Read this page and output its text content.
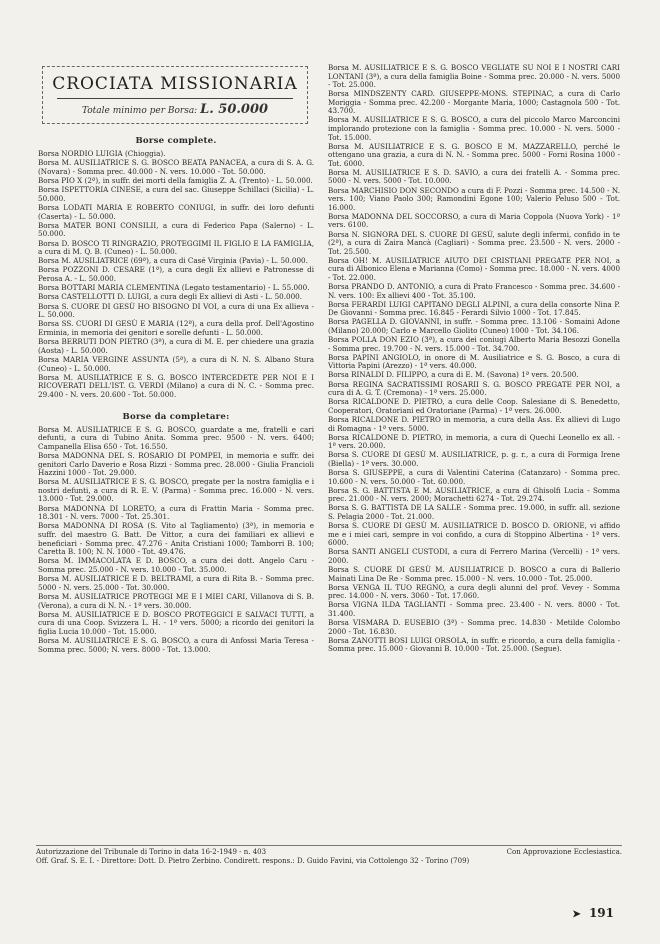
CROCIATA MISSIONARIA
Totale minimo per Borsa: L. 50.000
Borse complete.

Borsa NORDIO LUIGIA (Chioggia).

Borsa M. AUSILIATRICE S. G. BOSCO BEATA PANACEA, a cura di S. A. G. (Novara) - Somma prec. 40.000 - N. vers. 10.000 - Tot. 50.000.

Borsa PIO X (2ª), in suffr. dei morti della famiglia Z. A. (Trento) - L. 50.000.

Borsa ISPETTORIA CINESE, a cura del sac. Giuseppe Schillaci (Sicilia) - L. 50.000.

Borsa LODATI MARIA E ROBERTO CONIUGI, in suffr. dei loro defunti (Caserta) - L. 50.000.

Borsa MATER BONI CONSILII, a cura di Federico Papa (Salerno) - L. 50.000.

Borsa D. BOSCO TI RINGRAZIO, PROTEGGIMI IL FIGLIO E LA FAMIGLIA, a cura di M. Q. B. (Cuneo) - L. 50.000.

Borsa M. AUSILIATRICE (69ª), a cura di Casé Virginia (Pavia) - L. 50.000.

Borsa POZZONI D. CESARE (1ª), a cura degli Ex allievi e Patronesse di Perosa A. - L. 50.000.

Borsa BOTTARI MARIA CLEMENTINA (Legato testamentario) - L. 55.000.

Borsa CASTELLOTTI D. LUIGI, a cura degli Ex allievi di Asti - L. 50.000.

Borsa S. CUORE DI GESÙ HO BISOGNO DI VOI, a cura di una Ex allieva - L. 50.000.

Borsa SS. CUORI DI GESÙ E MARIA (12ª), a cura della prof. Dell'Agostino Erminia, in memoria dei genitori e sorelle defunti - L. 50.000.

Borsa BERRUTI DON PIETRO (3ª), a cura di M. E. per chiedere una grazia (Aosta) - L. 50.000.

Borsa MARIA VERGINE ASSUNTA (5ª), a cura di N. N. S. Albano Stura (Cuneo) - L. 50.000.

Borsa M. AUSILIATRICE E S. G. BOSCO INTERCEDETE PER NOI E I RICOVERATI DELL'IST. G. VERDI (Milano) a cura di N. C. - Somma prec. 29.400 - N. vers. 20.600 - Tot. 50.000.

Borse da completare:

Borsa M. AUSILIATRICE E S. G. BOSCO, guardate a me, fratelli e cari defunti, a cura di Tubino Anita. Somma prec. 9500 - N. vers. 6400; Campanella Elisa 650 - Tot. 16.550.

Borsa MADONNA DEL S. ROSARIO DI POMPEI, in memoria e suffr. dei genitori Carlo Daverio e Rosa Rizzi - Somma prec. 28.000 - Giulia Francioli Hazzini 1000 - Tot. 29.000.

Borsa M. AUSILIATRICE E S. G. BOSCO, pregate per la nostra famiglia e i nostri defunti, a cura di R. E. V. (Parma) - Somma prec. 16.000 - N. vers. 13.000 - Tot. 29.000.

Borsa MADONNA DI LORETO, a cura di Frattin Maria - Somma prec. 18.301 - N. vers. 7000 - Tot. 25.301.

Borsa MADONNA DI ROSA (S. Vito al Tagliamento) (3ª), in memoria e suffr. del maestro G. Batt. De Vittor, a cura dei familiari ex allievi e beneficiari - Somma prec. 47.276 - Anita Cristiani 1000; Tamborri B. 100; Caretta B. 100; N. N. 1000 - Tot. 49.476.

Borsa M. IMMACOLATA E D. BOSCO, a cura dei dott. Angelo Caru - Somma prec. 25.000 - N. vers. 10.000 - Tot. 35.000.

Borsa M. AUSILIATRICE E D. BELTRAMI, a cura di Rita B. - Somma prec. 5000 - N. vers. 25.000 - Tot. 30.000.

Borsa M. AUSILIATRICE PROTEGGI ME E I MIEI CARI, Villanova di S. B. (Verona), a cura di N. N. - 1ª vers. 30.000.

Borsa M. AUSILIATRICE E D. BOSCO PROTEGGICI E SALVACI TUTTI, a cura di una Coop. Svizzera L. H. - 1ª vers. 5000; a ricordo dei genitori la figlia Lucia 10.000 - Tot. 15.000.

Borsa M. AUSILIATRICE E S. G. BOSCO, a cura di Anfossi Maria Teresa - Somma prec. 5000; N. vers. 8000 - Tot. 13.000.

Borsa M. AUSILIATRICE E S. G. BOSCO VEGLIATE SU NOI E I NOSTRI CARI LONTANI (3ª), a cura della famiglia Boine - Somma prec. 20.000 - N. vers. 5000 - Tot. 25.000.

Borsa MINDSZENTY CARD. GIUSEPPE-MONS. STEPINAC, a cura di Carlo Moriggia - Somma prec. 42.200 - Morgante Maria, 1000; Castagnola 500 - Tot. 43.700.

Borsa M. AUSILIATRICE E S. G. BOSCO, a cura del piccolo Marco Marconcini implorando protezione con la famiglia - Somma prec. 10.000 - N. vers. 5000 - Tot. 15.000.

Borsa M. AUSILIATRICE E S. G. BOSCO E M. MAZZARELLO, perché le ottengano una grazia, a cura di N. N. - Somma prec. 5000 - Forni Rosina 1000 - Tot. 6000.

Borsa M. AUSILIATRICE E S. D. SAVIO, a cura dei fratelli A. - Somma prec. 5000 - N. vers. 5000 - Tot. 10.000.

Borsa MARCHISIO DON SECONDO a cura di F. Pozzi - Somma prec. 14.500 - N. vers. 100; Viano Paolo 300; Ramondini Egone 100; Valerio Peluso 500 - Tot. 16.000.

Borsa MADONNA DEL SOCCORSO, a cura di Maria Coppola (Nuova York) - 1ª vers. 6100.

Borsa N. SIGNORA DEL S. CUORE DI GESÙ, salute degli infermi, confido in te (2ª), a cura di Zaira Mancà (Cagliari) - Somma prec. 23.500 - N. vers. 2000 - Tot. 25.500.

Borsa OH! M. AUSILIATRICE AIUTO DEI CRISTIANI PREGATE PER NOI, a cura di Albonico Elena e Marianna (Como) - Somma prec. 18.000 - N. vers. 4000 - Tot. 22.000.

Borsa PRANDO D. ANTONIO, a cura di Prato Francesco - Somma prec. 34.600 - N. vers. 100: Ex allievi 400 - Tot. 35.100.

Borsa FERARDI LUIGI CAPITANO DEGLI ALPINI, a cura della consorte Nina P. De Giovanni - Somma prec. 16.845 - Ferardi Silvio 1000 - Tot. 17.845.

Borsa PAGELLA D. GIOVANNI, in suffr. - Somma prec. 13.106 - Somaini Adone (Milano) 20.000; Carlo e Marcello Giolito (Cuneo) 1000 - Tot. 34.106.

Borsa POLLA DON EZIO (3ª), a cura dei coniugi Alberto Maria Besozzi Gonella - Somma prec. 19.700 - N. vers. 15.000 - Tot. 34.700.

Borsa PAPINI ANGIOLO, in onore di M. Ausiliatrice e S. G. Bosco, a cura di Vittoria Papini (Arezzo) - 1ª vers. 40.000.

Borsa RINALDI D. FILIPPO, a cura di E. M. (Savona) 1ª vers. 20.500.

Borsa REGINA SACRATISSIMI ROSARII S. G. BOSCO PREGATE PER NOI, a cura di A. G. T. (Cremona) - 1ª vers. 25.000.

Borsa RICALDONE D. PIETRO, a cura delle Coop. Salesiane di S. Benedetto, Cooperatori, Oratoriani ed Oratoriane (Parma) - 1ª vers. 26.000.

Borsa RICALDONE D. PIETRO in memoria, a cura della Ass. Ex allievi di Lugo di Romagna - 1ª vers. 5000.

Borsa RICALDONE D. PIETRO, in memoria, a cura di Quechi Leonello ex all. - 1ª vers. 20.000.

Borsa S. CUORE DI GESÙ M. AUSILIATRICE, p. g. r., a cura di Formiga Irene (Biella) - 1ª vers. 30.000.

Borsa S. GIUSEPPE, a cura di Valentini Caterina (Catanzaro) - Somma prec. 10.600 - N. vers. 50.000 - Tot. 60.000.

Borsa S. G. BATTISTA E M. AUSILIATRICE, a cura di Ghisolfi Lucia - Somma prec. 21.000 - N. vers. 2000; Morachetti 6274 - Tot. 29.274.

Borsa S. G. BATTISTA DE LA SALLE - Somma prec. 19.000, in suffr. all. sezione S. Pelagia 2000 - Tot. 21.000.

Borsa S. CUORE DI GESÙ M. AUSILIATRICE D. BOSCO D. ORIONE, vi affido me e i miei cari, sempre in voi confido, a cura di Stoppino Albertina - 1ª vers. 6000.

Borsa SANTI ANGELI CUSTODI, a cura di Ferrero Marina (Vercelli) - 1ª vers. 2000.

Borsa S. CUORE DI GESÙ M. AUSILIATRICE D. BOSCO a cura di Ballerio Mainati Lina De Re - Somma prec. 15.000 - N. vers. 10.000 - Tot. 25.000.

Borsa VENGA IL TUO REGNO, a cura degli alunni del prof. Vevey - Somma prec. 14.000 - N. vers. 3060 - Tot. 17.060.

Borsa VIGNA ILDA TAGLIANTI - Somma prec. 23.400 - N. vers. 8000 - Tot. 31.400.

Borsa VISMARA D. EUSEBIO (3ª) - Somma prec. 14.830 - Metilde Colombo 2000 - Tot. 16.830.

Borsa ZANOTTI BOSI LUIGI ORSOLA, in suffr. e ricordo, a cura della famiglia - Somma prec. 15.000 - Giovanni B. 10.000 - Tot. 25.000. (Segue).

Autorizzazione del Tribunale di Torino in data 16-2-1949 - n. 403	Con Approvazione Ecclesiastica.
Off. Graf. S. E. I. - Direttore: Dott. D. Pietro Zerbino. Condirett. respons.: D. Guido Favini, via Cottolengo 32 - Torino (709)
➤ 191
